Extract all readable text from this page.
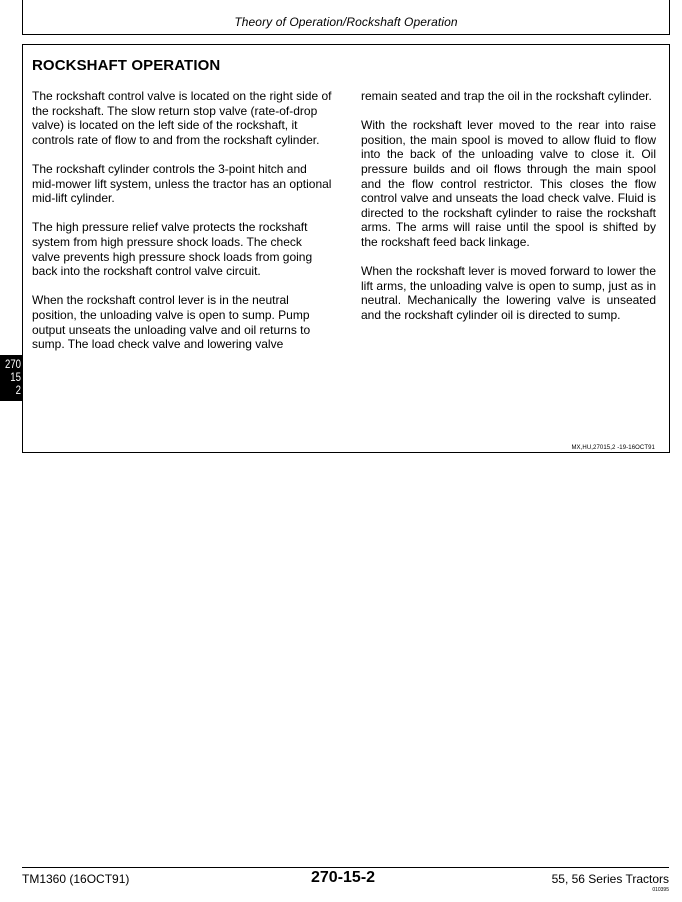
Theory of Operation/Rockshaft Operation
ROCKSHAFT OPERATION

The rockshaft control valve is located on the right side of the rockshaft. The slow return stop valve (rate-of-drop valve) is located on the left side of the rockshaft, it controls rate of flow to and from the rockshaft cylinder.

The rockshaft cylinder controls the 3-point hitch and mid-mower lift system, unless the tractor has an optional mid-lift cylinder.

The high pressure relief valve protects the rockshaft system from high pressure shock loads. The check valve prevents high pressure shock loads from going back into the rockshaft control valve circuit.

When the rockshaft control lever is in the neutral position, the unloading valve is open to sump. Pump output unseats the unloading valve and oil returns to sump. The load check valve and lowering valve

remain seated and trap the oil in the rockshaft cylinder.

With the rockshaft lever moved to the rear into raise position, the main spool is moved to allow fluid to flow into the back of the unloading valve to close it. Oil pressure builds and oil flows through the main spool and the flow control restrictor. This closes the flow control valve and unseats the load check valve. Fluid is directed to the rockshaft cylinder to raise the rockshaft arms. The arms will raise until the spool is shifted by the rockshaft feed back linkage.

When the rockshaft lever is moved forward to lower the lift arms, the unloading valve is open to sump, just as in neutral. Mechanically the lowering valve is unseated and the rockshaft cylinder oil is directed to sump.

MX,HU,27015,2 -19-16OCT91
270
15
2
TM1360 (16OCT91)	270-15-2	55, 56 Series Tractors
010395
